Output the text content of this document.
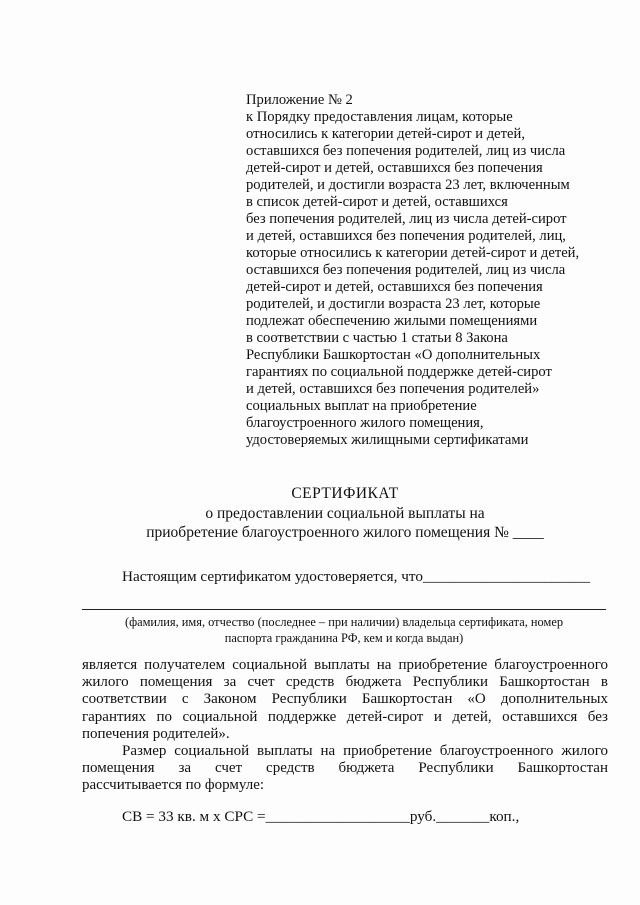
Приложение № 2
к Порядку предоставления лицам, которые
относились к категории детей-сирот и детей,
оставшихся без попечения родителей, лиц из числа
детей-сирот и детей, оставшихся без попечения
родителей, и достигли возраста 23 лет, включенным
в список детей-сирот и детей, оставшихся
без попечения родителей, лиц из числа детей-сирот
и детей, оставшихся без попечения родителей, лиц,
которые относились к категории детей-сирот и детей,
оставшихся без попечения родителей, лиц из числа
детей-сирот и детей, оставшихся без попечения
родителей, и достигли возраста 23 лет, которые
подлежат обеспечению жилыми помещениями
в соответствии с частью 1 статьи 8 Закона
Республики Башкортостан «О дополнительных
гарантиях по социальной поддержке детей-сирот
и детей, оставшихся без попечения родителей»
социальных выплат на приобретение
благоустроенного жилого помещения,
удостоверяемых жилищными сертификатами
СЕРТИФИКАТ
о предоставлении социальной выплаты на
приобретение благоустроенного жилого помещения № ____
Настоящим сертификатом удостоверяется, что______________________
(фамилия, имя, отчество (последнее – при наличии) владельца сертификата, номер
паспорта гражданина РФ, кем и когда выдан)
является получателем социальной выплаты на приобретение благоустроенного
жилого помещения за счет средств бюджета Республики Башкортостан в
соответствии с Законом Республики Башкортостан «О дополнительных
гарантиях по социальной поддержке детей-сирот и детей, оставшихся без
попечения родителей».
Размер социальной выплаты на приобретение благоустроенного жилого
помещения за счет средств бюджета Республики Башкортостан
рассчитывается по формуле:
СВ = 33 кв. м х СРС =___________________руб._______коп.,
